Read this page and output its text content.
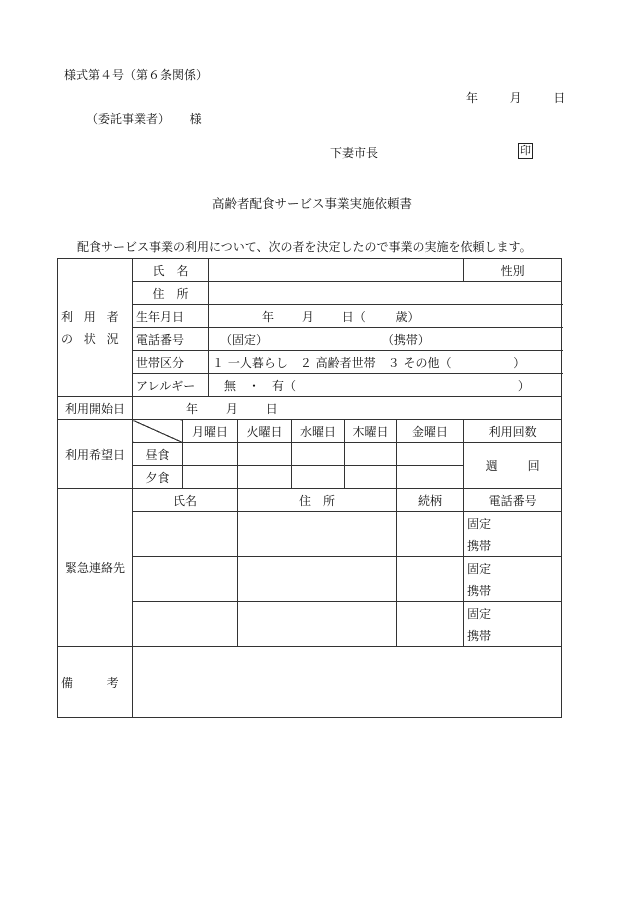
様式第４号（第６条関係）
年	月	日
（委託事業者） 様
下妻市長	印
高齢者配食サービス事業実施依頼書
配食サービス事業の利用について、次の者を決定したので事業の実施を依頼します。
利用者
の状況	氏　名							性別	
	住　所								
	生年月日		年 月 日（ 歳）						
	電話番号		（固定） （携帯）						
	世帯区分		１ 一人暮らし　２ 高齢者世帯　３ その他（ ）						
	アレルギー		無　・　有（ ）						
利用開始日	年 月 日								
利用希望日		月曜日		火曜日	水曜日	木曜日	金曜日	利用回数	
	昼食							週 回	
	夕食								
緊急連絡先	氏名			住　所			続柄	電話番号	
								固定	
								携帯	
								固定	
								携帯	
								固定	
								携帯	
備　考									
